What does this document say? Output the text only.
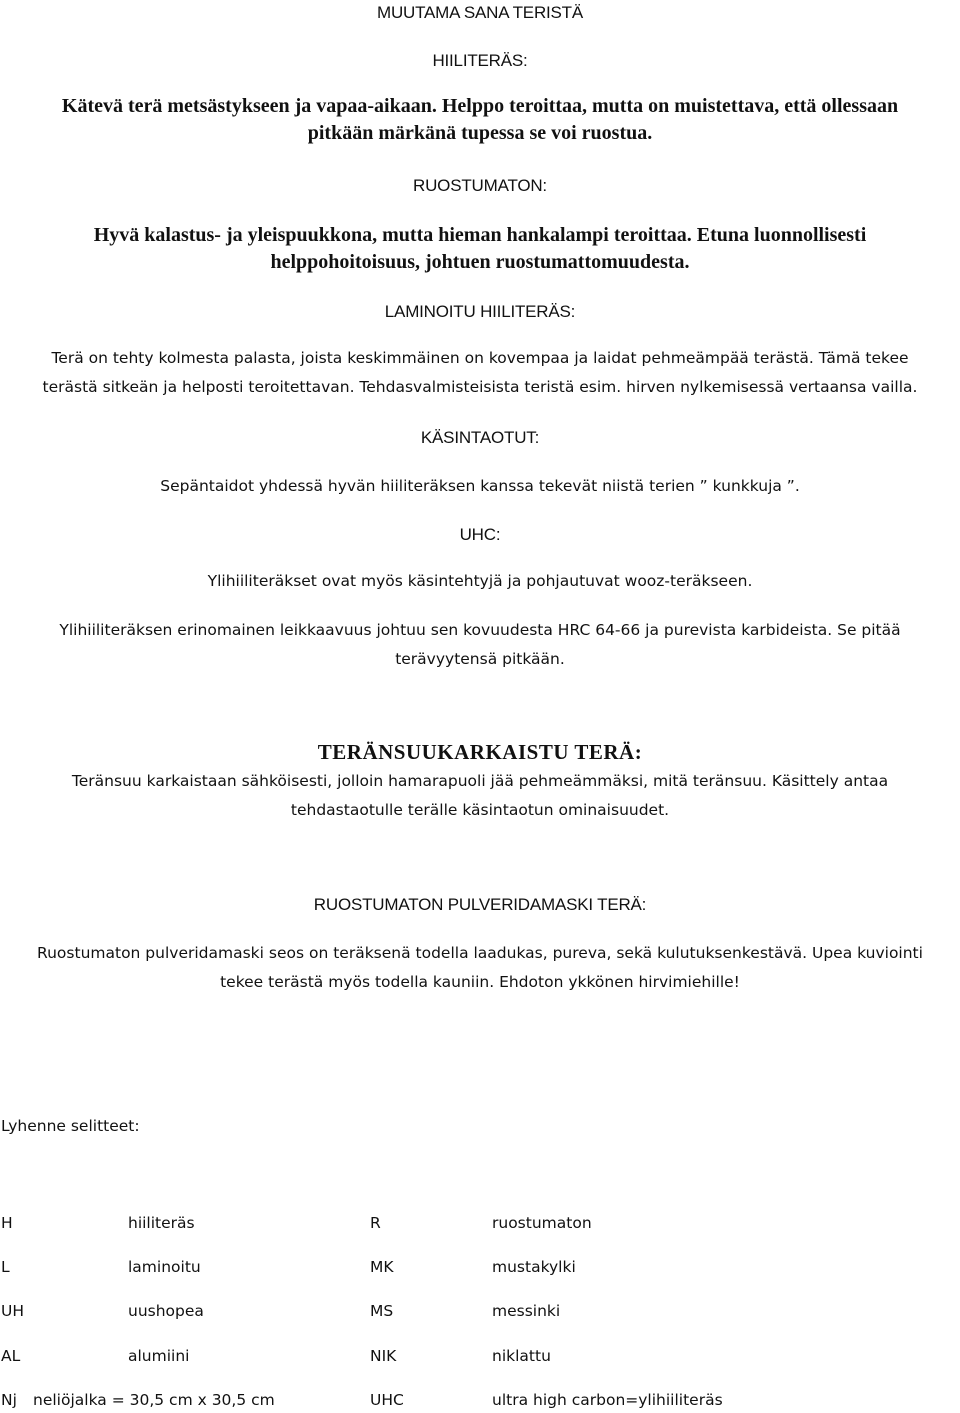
MUUTAMA SANA TERISTÄ

HIILITERÄS:

Kätevä terä metsästykseen ja vapaa-aikaan. Helppo teroittaa, mutta on muistettava, että ollessaan

pitkään märkänä tupessa se voi ruostua.

RUOSTUMATON:

Hyvä kalastus- ja yleispuukkona, mutta hieman hankalampi teroittaa. Etuna luonnollisesti

helppohoitoisuus, johtuen ruostumattomuudesta.

LAMINOITU HIILITERÄS:

Terä on tehty kolmesta palasta, joista keskimmäinen on kovempaa ja laidat pehmeämpää terästä. Tämä tekee

terästä sitkeän ja helposti teroitettavan. Tehdasvalmisteisista teristä esim. hirven nylkemisessä vertaansa vailla.

KÄSINTAOTUT:

Sepäntaidot yhdessä hyvän hiiliteräksen kanssa tekevät niistä terien ” kunkkuja ”.

UHC:

Ylihiiliteräkset ovat myös käsintehtyjä ja pohjautuvat wooz-teräkseen.

Ylihiiliteräksen erinomainen leikkaavuus johtuu sen kovuudesta HRC 64-66 ja purevista karbideista. Se pitää

terävyytensä pitkään.

TERÄNSUUKARKAISTU TERÄ:

Teränsuu karkaistaan sähköisesti, jolloin hamarapuoli jää pehmeämmäksi, mitä teränsuu. Käsittely antaa

tehdastaotulle terälle käsintaotun ominaisuudet.

RUOSTUMATON PULVERIDAMASKI TERÄ:

Ruostumaton pulveridamaski seos on teräksenä todella laadukas, pureva, sekä kulutuksenkestävä. Upea kuviointi

tekee terästä myös todella kauniin. Ehdoton ykkönen hirvimiehille!

Lyhenne selitteet:

H	hiiliteräs	R	ruostumaton
L	laminoitu	MK	mustakylki
UH	uushopea	MS	messinki
AL	alumiini	NIK	niklattu
Nj neliöjalka = 30,5 cm x 30,5 cm	UHC	ultra high carbon=ylihiiliteräs
